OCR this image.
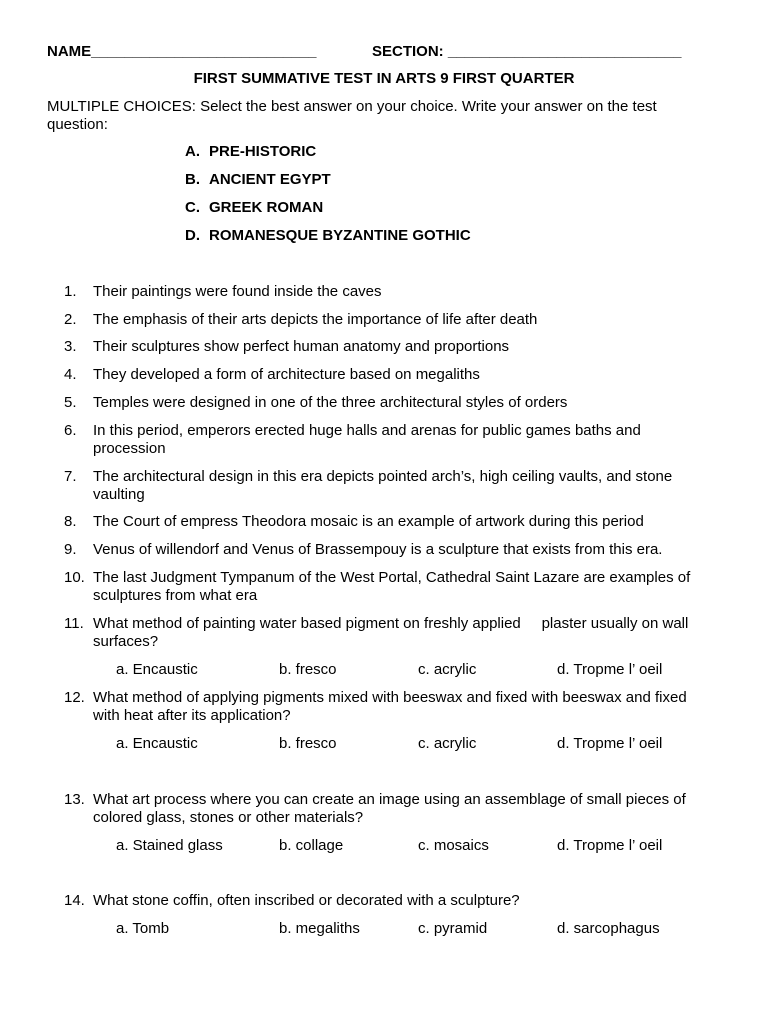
NAME___________________________	SECTION: ____________________________
FIRST SUMMATIVE TEST IN ARTS 9 FIRST QUARTER
MULTIPLE CHOICES: Select the best answer on your choice. Write your answer on the test question:
A. PRE-HISTORIC
B. ANCIENT EGYPT
C. GREEK ROMAN
D. ROMANESQUE BYZANTINE GOTHIC
1.	Their paintings were found inside the caves
2.	The emphasis of their arts depicts the importance of life after death
3.	Their sculptures show perfect human anatomy and proportions
4.	They developed a form of architecture based on megaliths
5.	Temples were designed in one of the three architectural styles of orders
6.	In this period, emperors erected huge halls and arenas for public games baths and procession
7.	The architectural design in this era depicts pointed arch’s, high ceiling vaults, and stone vaulting
8.	The Court of empress Theodora mosaic is an example of artwork during this period
9.	Venus of willendorf and Venus of Brassempouy is a sculpture that exists from this era.
10. The last Judgment Tympanum of the West Portal, Cathedral Saint Lazare are examples of sculptures from what era
11. What method of painting water based pigment on freshly applied     plaster usually on wall surfaces?
a. Encaustic	b. fresco	c. acrylic	d. Tropme l’ oeil
12. What method of applying pigments mixed with beeswax and fixed with beeswax and fixed with heat after its application?
a. Encaustic	b. fresco	c. acrylic	d. Tropme l’ oeil
13. What art process where you can create an image using an assemblage of small pieces of colored glass, stones or other materials?
a. Stained glass	b. collage	c. mosaics	d. Tropme l’ oeil
14. What stone coffin, often inscribed or decorated with a sculpture?
a. Tomb	b. megaliths	c. pyramid	d. sarcophagus
